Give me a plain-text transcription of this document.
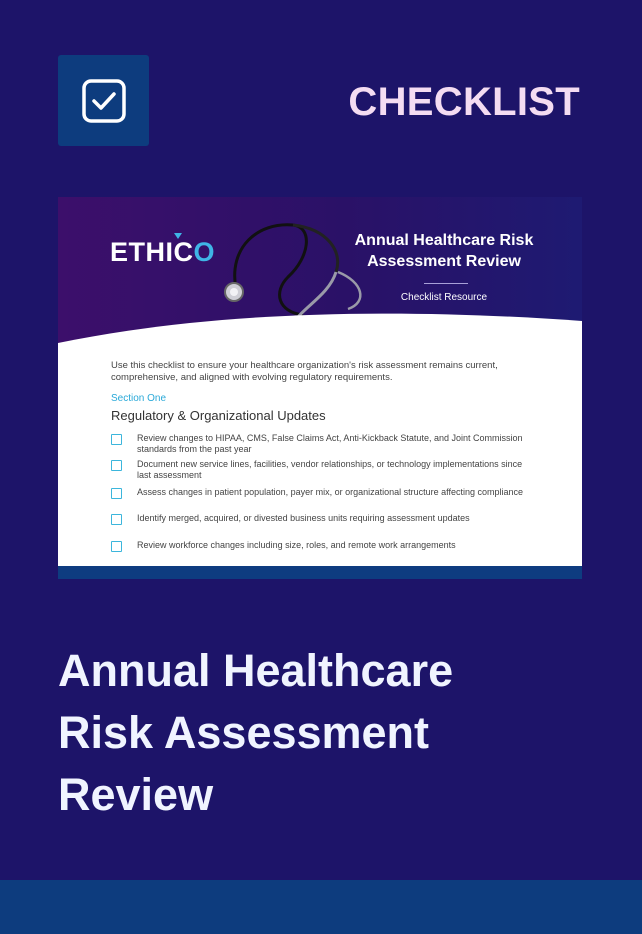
CHECKLIST
ETHICO	Annual Healthcare Risk
Assessment Review
Checklist Resource
Use this checklist to ensure your healthcare organization's risk assessment remains current, comprehensive, and aligned with evolving regulatory requirements.
Section One
Regulatory & Organizational Updates
Review changes to HIPAA, CMS, False Claims Act, Anti-Kickback Statute, and Joint Commission standards from the past year
Document new service lines, facilities, vendor relationships, or technology implementations since last assessment
Assess changes in patient population, payer mix, or organizational structure affecting compliance
Identify merged, acquired, or divested business units requiring assessment updates
Review workforce changes including size, roles, and remote work arrangements
Annual Healthcare
Risk Assessment
Review
